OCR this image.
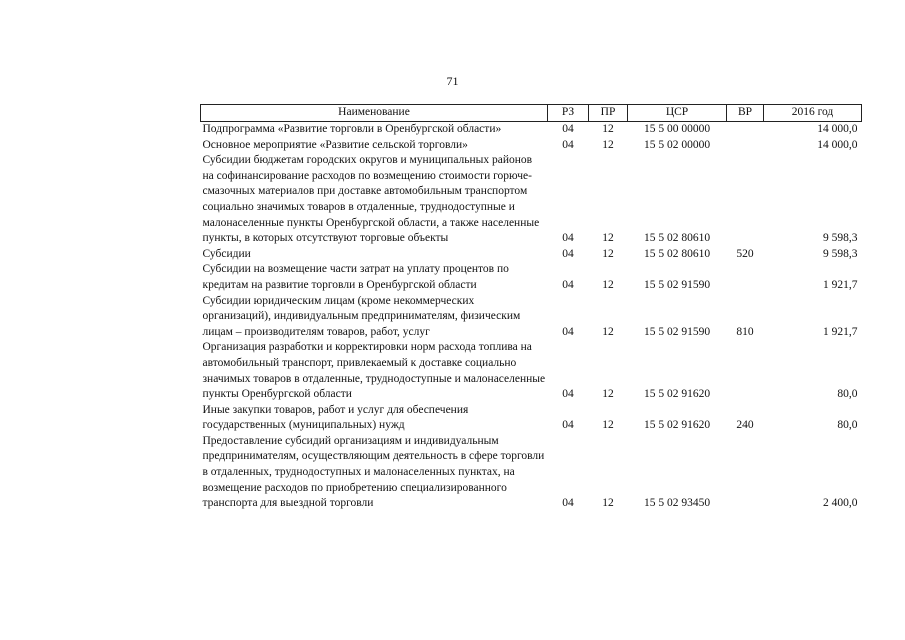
71
Наименование	РЗ	ПР	ЦСР	ВР	2016 год
Подпрограмма «Развитие торговли в Оренбургской области»	04	12	15 5 00 00000		14 000,0
Основное мероприятие «Развитие сельской торговли»	04	12	15 5 02 00000		14 000,0
Субсидии бюджетам городских округов и муниципальных районов на софинансирование расходов по возмещению стоимости горюче-смазочных материалов при доставке автомобильным транспортом социально значимых товаров в отдаленные, труднодоступные и малонаселенные пункты Оренбургской области, а также населенные пункты, в которых отсутствуют торговые объекты	04	12	15 5 02 80610		9 598,3
Субсидии	04	12	15 5 02 80610	520	9 598,3
Субсидии на возмещение части затрат на уплату процентов по кредитам на развитие торговли в Оренбургской области	04	12	15 5 02 91590		1 921,7
Субсидии юридическим лицам (кроме некоммерческих организаций), индивидуальным предпринимателям, физическим лицам – производителям товаров, работ, услуг	04	12	15 5 02 91590	810	1 921,7
Организация разработки и корректировки норм расхода топлива на автомобильный транспорт, привлекаемый к доставке социально значимых товаров в отдаленные, труднодоступные и малонаселенные пункты Оренбургской области	04	12	15 5 02 91620		80,0
Иные закупки товаров, работ и услуг для обеспечения государственных (муниципальных) нужд	04	12	15 5 02 91620	240	80,0
Предоставление субсидий организациям и индивидуальным предпринимателям, осуществляющим деятельность в сфере торговли в отдаленных, труднодоступных и малонаселенных пунктах, на возмещение расходов по приобретению специализированного транспорта для выездной торговли	04	12	15 5 02 93450		2 400,0
